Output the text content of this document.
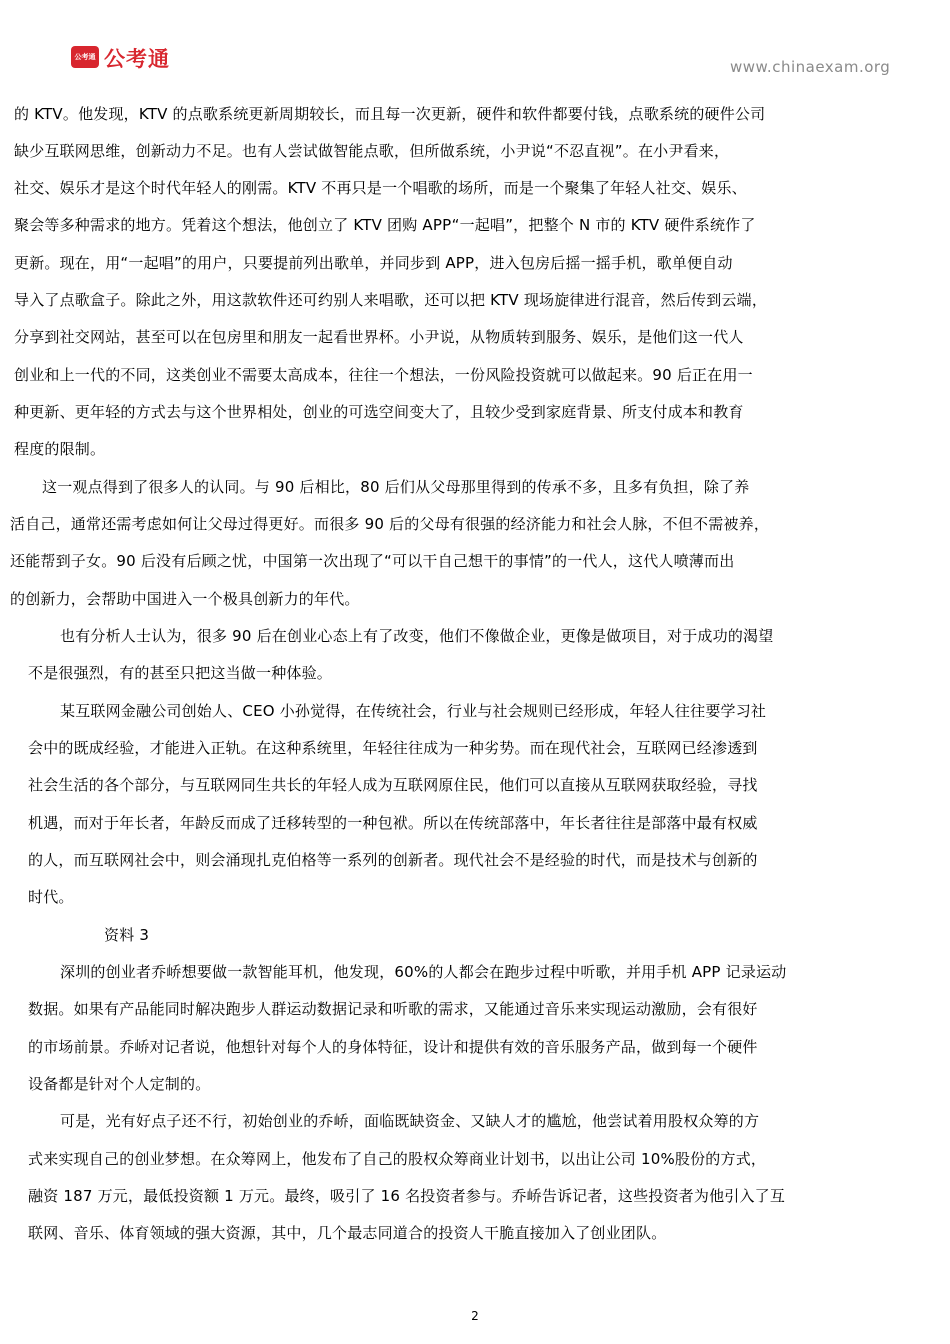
公考通 公考通	www.chinaexam.org
的 KTV。他发现，KTV 的点歌系统更新周期较长，而且每一次更新，硬件和软件都要付钱，点歌系统的硬件公司
缺少互联网思维，创新动力不足。也有人尝试做智能点歌，但所做系统，小尹说“不忍直视”。在小尹看来，
社交、娱乐才是这个时代年轻人的刚需。KTV 不再只是一个唱歌的场所，而是一个聚集了年轻人社交、娱乐、
聚会等多种需求的地方。凭着这个想法，他创立了 KTV 团购 APP“一起唱”，把整个 N 市的 KTV 硬件系统作了
更新。现在，用“一起唱”的用户，只要提前列出歌单，并同步到 APP，进入包房后摇一摇手机，歌单便自动
导入了点歌盒子。除此之外，用这款软件还可约别人来唱歌，还可以把 KTV 现场旋律进行混音，然后传到云端，
分享到社交网站，甚至可以在包房里和朋友一起看世界杯。小尹说，从物质转到服务、娱乐，是他们这一代人
创业和上一代的不同，这类创业不需要太高成本，往往一个想法，一份风险投资就可以做起来。90 后正在用一
种更新、更年轻的方式去与这个世界相处，创业的可选空间变大了，且较少受到家庭背景、所支付成本和教育
程度的限制。
这一观点得到了很多人的认同。与 90 后相比，80 后们从父母那里得到的传承不多，且多有负担，除了养
活自己，通常还需考虑如何让父母过得更好。而很多 90 后的父母有很强的经济能力和社会人脉，不但不需被养，
还能帮到子女。90 后没有后顾之忧，中国第一次出现了“可以干自己想干的事情”的一代人，这代人喷薄而出
的创新力，会帮助中国进入一个极具创新力的年代。
也有分析人士认为，很多 90 后在创业心态上有了改变，他们不像做企业，更像是做项目，对于成功的渴望
不是很强烈，有的甚至只把这当做一种体验。
某互联网金融公司创始人、CEO 小孙觉得，在传统社会，行业与社会规则已经形成，年轻人往往要学习社
会中的既成经验，才能进入正轨。在这种系统里，年轻往往成为一种劣势。而在现代社会，互联网已经渗透到
社会生活的各个部分，与互联网同生共长的年轻人成为互联网原住民，他们可以直接从互联网获取经验，寻找
机遇，而对于年长者，年龄反而成了迁移转型的一种包袱。所以在传统部落中，年长者往往是部落中最有权威
的人，而互联网社会中，则会涌现扎克伯格等一系列的创新者。现代社会不是经验的时代，而是技术与创新的
时代。
资料 3
深圳的创业者乔峤想要做一款智能耳机，他发现，60%的人都会在跑步过程中听歌，并用手机 APP 记录运动
数据。如果有产品能同时解决跑步人群运动数据记录和听歌的需求，又能通过音乐来实现运动激励，会有很好
的市场前景。乔峤对记者说，他想针对每个人的身体特征，设计和提供有效的音乐服务产品，做到每一个硬件
设备都是针对个人定制的。
可是，光有好点子还不行，初始创业的乔峤，面临既缺资金、又缺人才的尴尬，他尝试着用股权众筹的方
式来实现自己的创业梦想。在众筹网上，他发布了自己的股权众筹商业计划书，以出让公司 10%股份的方式，
融资 187 万元，最低投资额 1 万元。最终，吸引了 16 名投资者参与。乔峤告诉记者，这些投资者为他引入了互
联网、音乐、体育领域的强大资源，其中，几个最志同道合的投资人干脆直接加入了创业团队。
2
